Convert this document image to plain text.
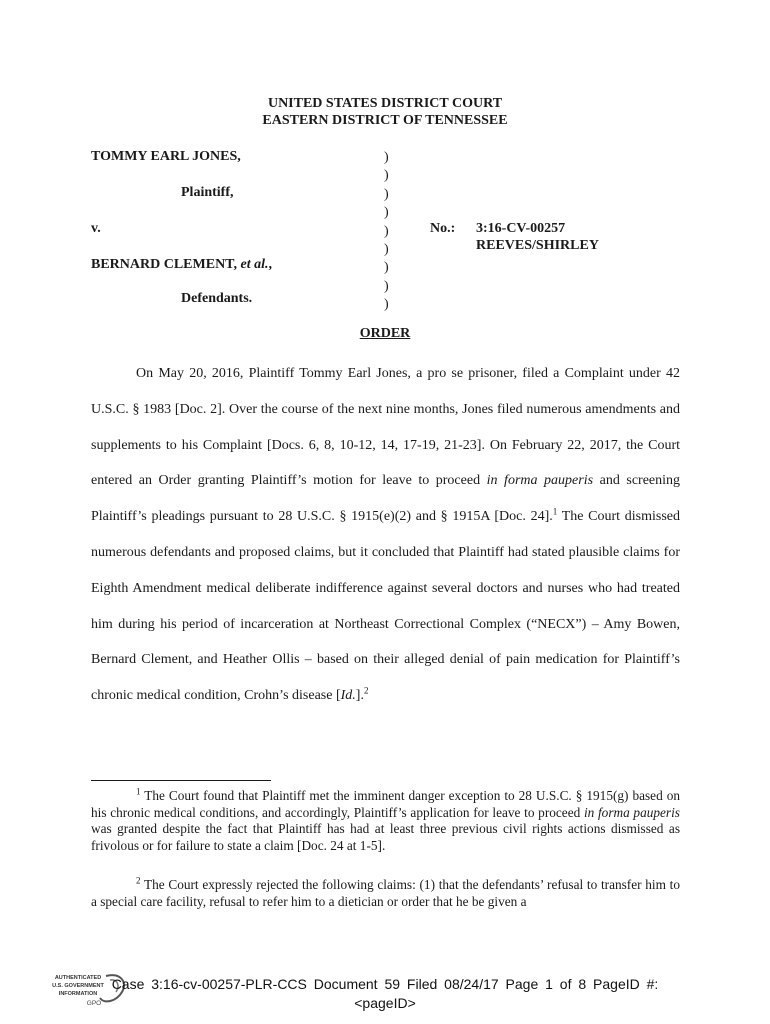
UNITED STATES DISTRICT COURT
EASTERN DISTRICT OF TENNESSEE
TOMMY EARL JONES,
Plaintiff,
v.
BERNARD CLEMENT, et al.,
Defendants.
)
)
)
)
)
)
)
)
)
No.: 3:16-CV-00257
REEVES/SHIRLEY
ORDER
On May 20, 2016, Plaintiff Tommy Earl Jones, a pro se prisoner, filed a Complaint under 42 U.S.C. § 1983 [Doc. 2]. Over the course of the next nine months, Jones filed numerous amendments and supplements to his Complaint [Docs. 6, 8, 10-12, 14, 17-19, 21-23]. On February 22, 2017, the Court entered an Order granting Plaintiff’s motion for leave to proceed in forma pauperis and screening Plaintiff’s pleadings pursuant to 28 U.S.C. § 1915(e)(2) and § 1915A [Doc. 24].$^1$ The Court dismissed numerous defendants and proposed claims, but it concluded that Plaintiff had stated plausible claims for Eighth Amendment medical deliberate indifference against several doctors and nurses who had treated him during his period of incarceration at Northeast Correctional Complex (“NECX”) – Amy Bowen, Bernard Clement, and Heather Ollis – based on their alleged denial of pain medication for Plaintiff’s chronic medical condition, Crohn’s disease [Id.].$^2$
$^1$ The Court found that Plaintiff met the imminent danger exception to 28 U.S.C. § 1915(g) based on his chronic medical conditions, and accordingly, Plaintiff’s application for leave to proceed in forma pauperis was granted despite the fact that Plaintiff has had at least three previous civil rights actions dismissed as frivolous or for failure to state a claim [Doc. 24 at 1-5].
$^2$ The Court expressly rejected the following claims: (1) that the defendants’ refusal to transfer him to a special care facility, refusal to refer him to a dietician or order that he be given a
AUTHENTICATED
U.S. GOVERNMENT
INFORMATION
GPO
Case 3:16-cv-00257-PLR-CCS Document 59 Filed 08/24/17 Page 1 of 8 PageID #:
<pageID>
